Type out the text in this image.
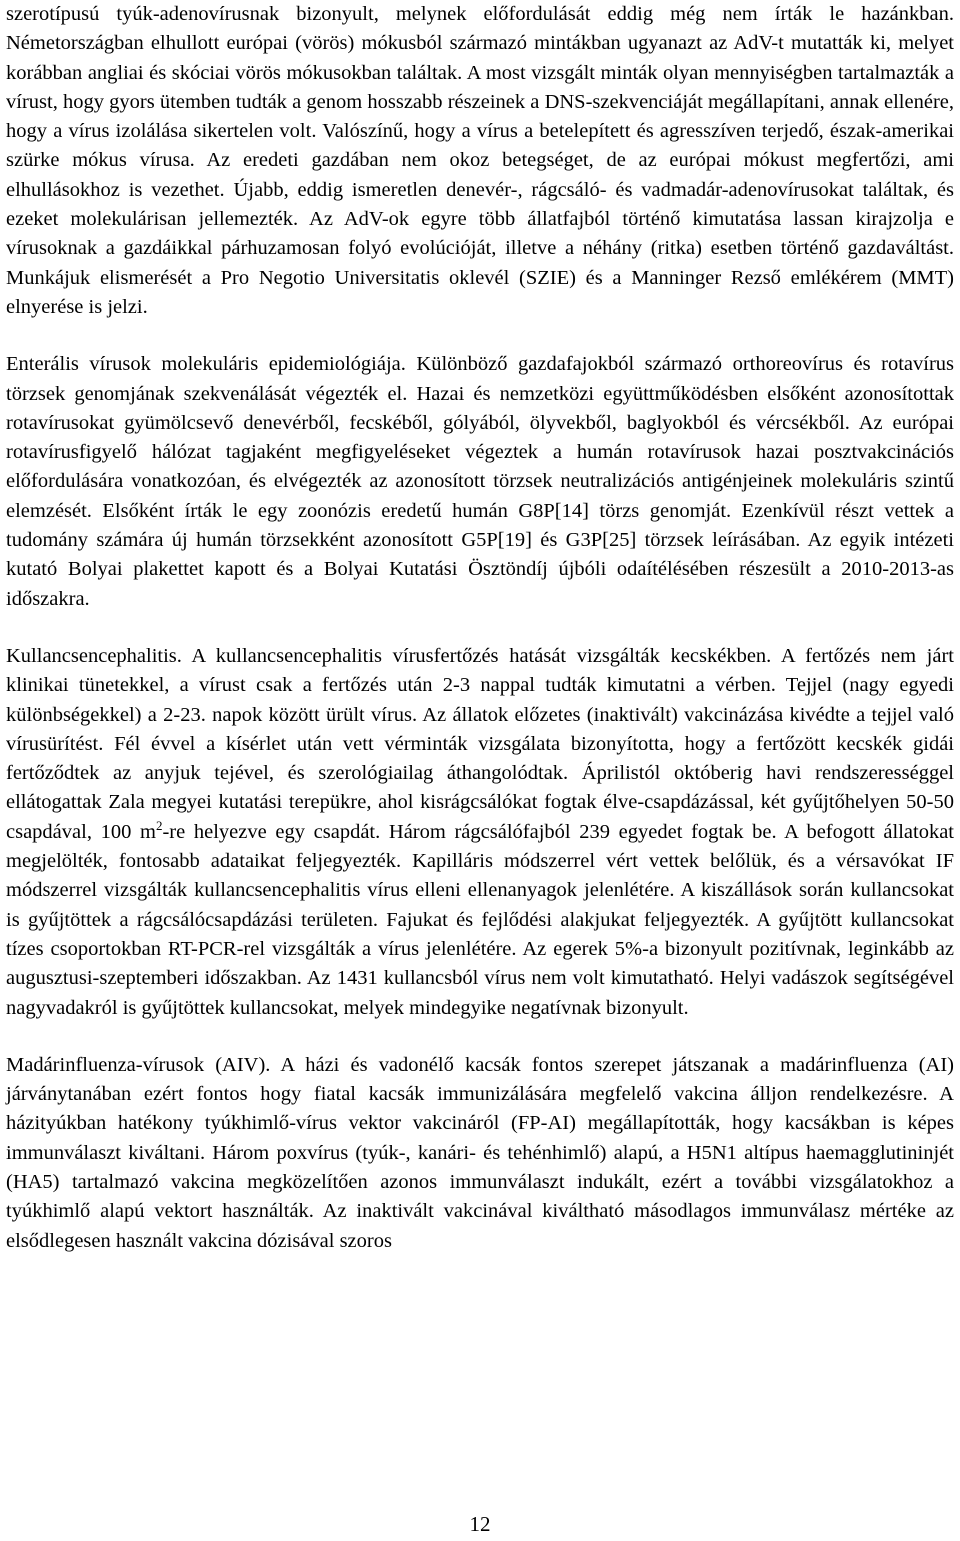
szerotípusú tyúk-adenovírusnak bizonyult, melynek előfordulását eddig még nem írták le hazánkban. Németországban elhullott európai (vörös) mókusból származó mintákban ugyanazt az AdV-t mutatták ki, melyet korábban angliai és skóciai vörös mókusokban találtak. A most vizsgált minták olyan mennyiségben tartalmazták a vírust, hogy gyors ütemben tudták a genom hosszabb részeinek a DNS-szekvenciáját megállapítani, annak ellenére, hogy a vírus izolálása sikertelen volt. Valószínű, hogy a vírus a betelepített és agresszíven terjedő, észak-amerikai szürke mókus vírusa. Az eredeti gazdában nem okoz betegséget, de az európai mókust megfertőzi, ami elhullásokhoz is vezethet. Újabb, eddig ismeretlen denevér-, rágcsáló- és vadmadár-adenovírusokat találtak, és ezeket molekulárisan jellemezték. Az AdV-ok egyre több állatfajból történő kimutatása lassan kirajzolja e vírusoknak a gazdáikkal párhuzamosan folyó evolúcióját, illetve a néhány (ritka) esetben történő gazdaváltást. Munkájuk elismerését a Pro Negotio Universitatis oklevél (SZIE) és a Manninger Rezső emlékérem (MMT) elnyerése is jelzi.

Enterális vírusok molekuláris epidemiológiája. Különböző gazdafajokból származó orthoreovírus és rotavírus törzsek genomjának szekvenálását végezték el. Hazai és nemzetközi együttműködésben elsőként azonosítottak rotavírusokat gyümölcsevő denevérből, fecskéből, gólyából, ölyvekből, baglyokból és vércsékből. Az európai rotavírusfigyelő hálózat tagjaként megfigyeléseket végeztek a humán rotavírusok hazai posztvakcinációs előfordulására vonatkozóan, és elvégezték az azonosított törzsek neutralizációs antigénjeinek molekuláris szintű elemzését. Elsőként írták le egy zoonózis eredetű humán G8P[14] törzs genomját. Ezenkívül részt vettek a tudomány számára új humán törzsekként azonosított G5P[19] és G3P[25] törzsek leírásában. Az egyik intézeti kutató Bolyai plakettet kapott és a Bolyai Kutatási Ösztöndíj újbóli odaítélésében részesült a 2010-2013-as időszakra.

Kullancsencephalitis. A kullancsencephalitis vírusfertőzés hatását vizsgálták kecskékben. A fertőzés nem járt klinikai tünetekkel, a vírust csak a fertőzés után 2-3 nappal tudták kimutatni a vérben. Tejjel (nagy egyedi különbségekkel) a 2-23. napok között ürült vírus. Az állatok előzetes (inaktivált) vakcinázása kivédte a tejjel való vírusürítést. Fél évvel a kísérlet után vett vérminták vizsgálata bizonyította, hogy a fertőzött kecskék gidái fertőződtek az anyjuk tejével, és szerológiailag áthangolódtak. Áprilistól októberig havi rendszerességgel ellátogattak Zala megyei kutatási terepükre, ahol kisrágcsálókat fogtak élve-csapdázással, két gyűjtőhelyen 50-50 csapdával, 100 $m^2-re$ helyezve egy csapdát. Három rágcsálófajból 239 egyedet fogtak be. A befogott állatokat megjelölték, fontosabb adataikat feljegyezték. Kapilláris módszerrel vért vettek belőlük, és a vérsavókat IF módszerrel vizsgálták kullancsencephalitis vírus elleni ellenanyagok jelenlétére. A kiszállások során kullancsokat is gyűjtöttek a rágcsálócsapdázási területen. Fajukat és fejlődési alakjukat feljegyezték. A gyűjtött kullancsokat tízes csoportokban RT-PCR-rel vizsgálták a vírus jelenlétére. Az egerek 5%-a bizonyult pozitívnak, leginkább az augusztusi-szeptemberi időszakban. Az 1431 kullancsból vírus nem volt kimutatható. Helyi vadászok segítségével nagyvadakról is gyűjtöttek kullancsokat, melyek mindegyike negatívnak bizonyult.

Madárinfluenza-vírusok (AIV). A házi és vadonélő kacsák fontos szerepet játszanak a madárinfluenza (AI) járványtanában ezért fontos hogy fiatal kacsák immunizálására megfelelő vakcina álljon rendelkezésre. A házityúkban hatékony tyúkhimlő-vírus vektor vakcináról (FP-AI) megállapították, hogy kacsákban is képes immunválaszt kiváltani. Három poxvírus (tyúk-, kanári- és tehénhimlő) alapú, a H5N1 altípus haemagglutininjét (HA5) tartalmazó vakcina megközelítően azonos immunválaszt indukált, ezért a további vizsgálatokhoz a tyúkhimlő alapú vektort használták. Az inaktivált vakcinával kiváltható másodlagos immunválasz mértéke az elsődlegesen használt vakcina dózisával szoros

12
